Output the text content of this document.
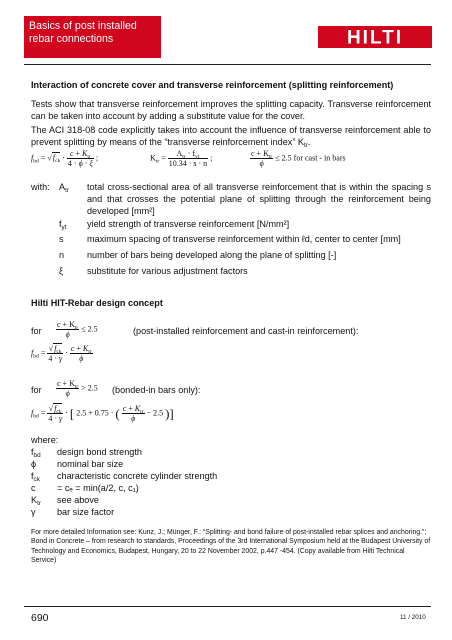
Basics of post installed
rebar connections	HILTI
Interaction of concrete cover and transverse reinforcement (splitting reinforcement)
Tests show that transverse reinforcement improves the splitting capacity. Transverse reinforcement can be taken into account by adding a substitute value for the cover.
The ACI 318-08 code explicitly takes into account the influence of transverse reinforcement able to prevent splitting by means of the “transverse reinforcement index” $K_{tr}$.
$f_{bd} = √f_{ck} \cdot c + K_{tr}$
4 · ϕ · ξ
;	$K_{tr}$ =	$A_{tr} \cdot f_{yt}$
10.34 · s · n
;	$c + K_{tr}$
ϕ
≤ 2.5 for cast - in bars
with: $A_{tr}$ total cross-sectional area of all transverse reinforcement that is within the spacing s and that crosses the potential plane of splitting through the reinforcement being developed [mm²]
$f_{yt}$ yield strength of transverse reinforcement [N/mm²]
s	maximum spacing of transverse reinforcement within ℓd, center to center [mm]
n	number of bars being developed along the plane of splitting [-]
ξ	substitute for various adjustment factors
Hilti HIT-Rebar design concept
for
$c + K_{tr}$
ϕ
≤ 2.5	(post-installed reinforcement and cast-in reinforcement):
$f_{bd} = √f_{ck}$
4 · γ
· $c + K_{tr}$
ϕ
for
$c + K_{tr}$
ϕ
> 2.5 (bonded-in bars only):
$f_{bd} = √f_{ck}$
4 · γ
· [ 2.5 + 0.75 · ( $c + K_{tr}$
ϕ
− 2.5 )]
where:
$f_{bd}$ design bond strength
ϕ nominal bar size
$f_{ck}$ characteristic concrete cylinder strength
c = cₑ = min(a/2, c, c₁)
$K_{tr}$ see above
γ bar size factor
For more detailed Information see: Kunz, J.; Münger, F.: “Splitting- and bond failure of post-installed rebar splices and anchoring.”; Bond in Concrete – from research to standards, Proceedings of the 3rd International Symposium held at the Budapest University of Technology and Economics, Budapest, Hungary, 20 to 22 November 2002, p.447 -454. (Copy available from Hilti Technical Service)
690	11 / 2010
